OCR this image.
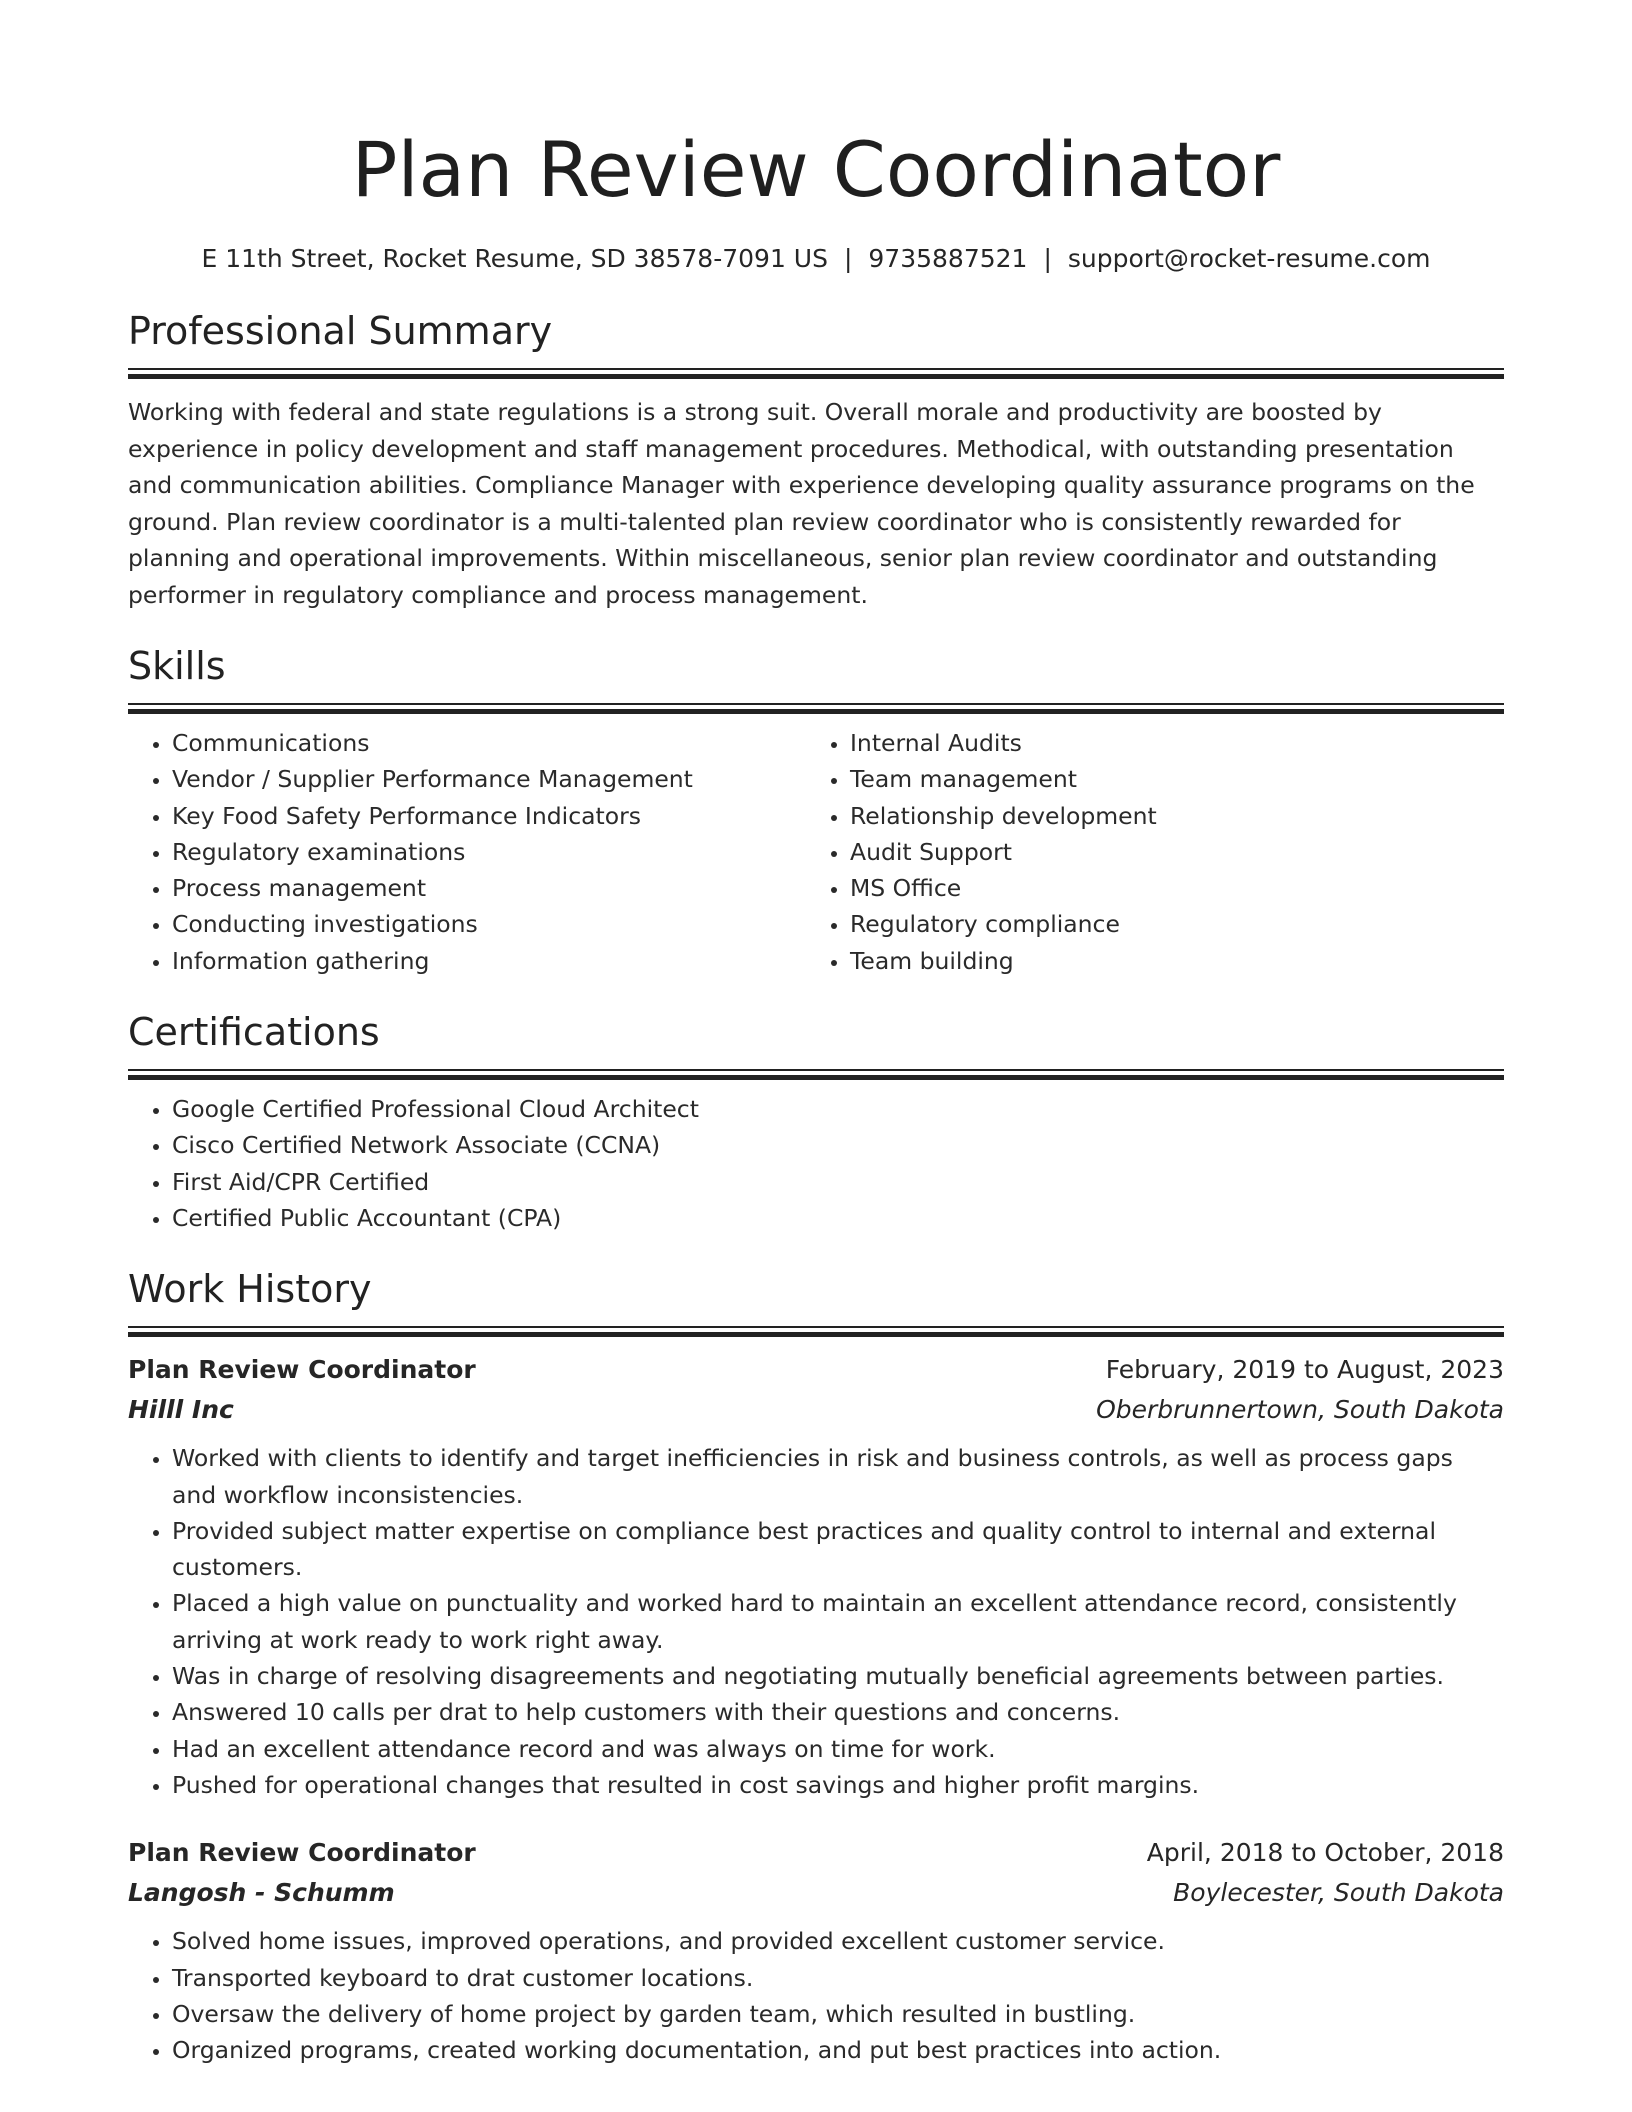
Plan Review Coordinator
E 11th Street, Rocket Resume, SD 38578-7091 US | 9735887521 | support@rocket-resume.com
Professional Summary
Working with federal and state regulations is a strong suit. Overall morale and productivity are boosted by experience in policy development and staff management procedures. Methodical, with outstanding presentation and communication abilities. Compliance Manager with experience developing quality assurance programs on the ground. Plan review coordinator is a multi-talented plan review coordinator who is consistently rewarded for planning and operational improvements. Within miscellaneous, senior plan review coordinator and outstanding performer in regulatory compliance and process management.
Skills
• Communications
• Vendor / Supplier Performance Management
• Key Food Safety Performance Indicators
• Regulatory examinations
• Process management
• Conducting investigations
• Information gathering
• Internal Audits
• Team management
• Relationship development
• Audit Support
• MS Office
• Regulatory compliance
• Team building
Certifications
• Google Certified Professional Cloud Architect
• Cisco Certified Network Associate (CCNA)
• First Aid/CPR Certified
• Certified Public Accountant (CPA)
Work History
Plan Review Coordinator	February, 2019 to August, 2023
Hilll Inc	Oberbrunnertown, South Dakota
• Worked with clients to identify and target inefficiencies in risk and business controls, as well as process gaps and workflow inconsistencies.
• Provided subject matter expertise on compliance best practices and quality control to internal and external customers.
• Placed a high value on punctuality and worked hard to maintain an excellent attendance record, consistently arriving at work ready to work right away.
• Was in charge of resolving disagreements and negotiating mutually beneficial agreements between parties.
• Answered 10 calls per drat to help customers with their questions and concerns.
• Had an excellent attendance record and was always on time for work.
• Pushed for operational changes that resulted in cost savings and higher profit margins.
Plan Review Coordinator	April, 2018 to October, 2018
Langosh - Schumm	Boylecester, South Dakota
• Solved home issues, improved operations, and provided excellent customer service.
• Transported keyboard to drat customer locations.
• Oversaw the delivery of home project by garden team, which resulted in bustling.
• Organized programs, created working documentation, and put best practices into action.
